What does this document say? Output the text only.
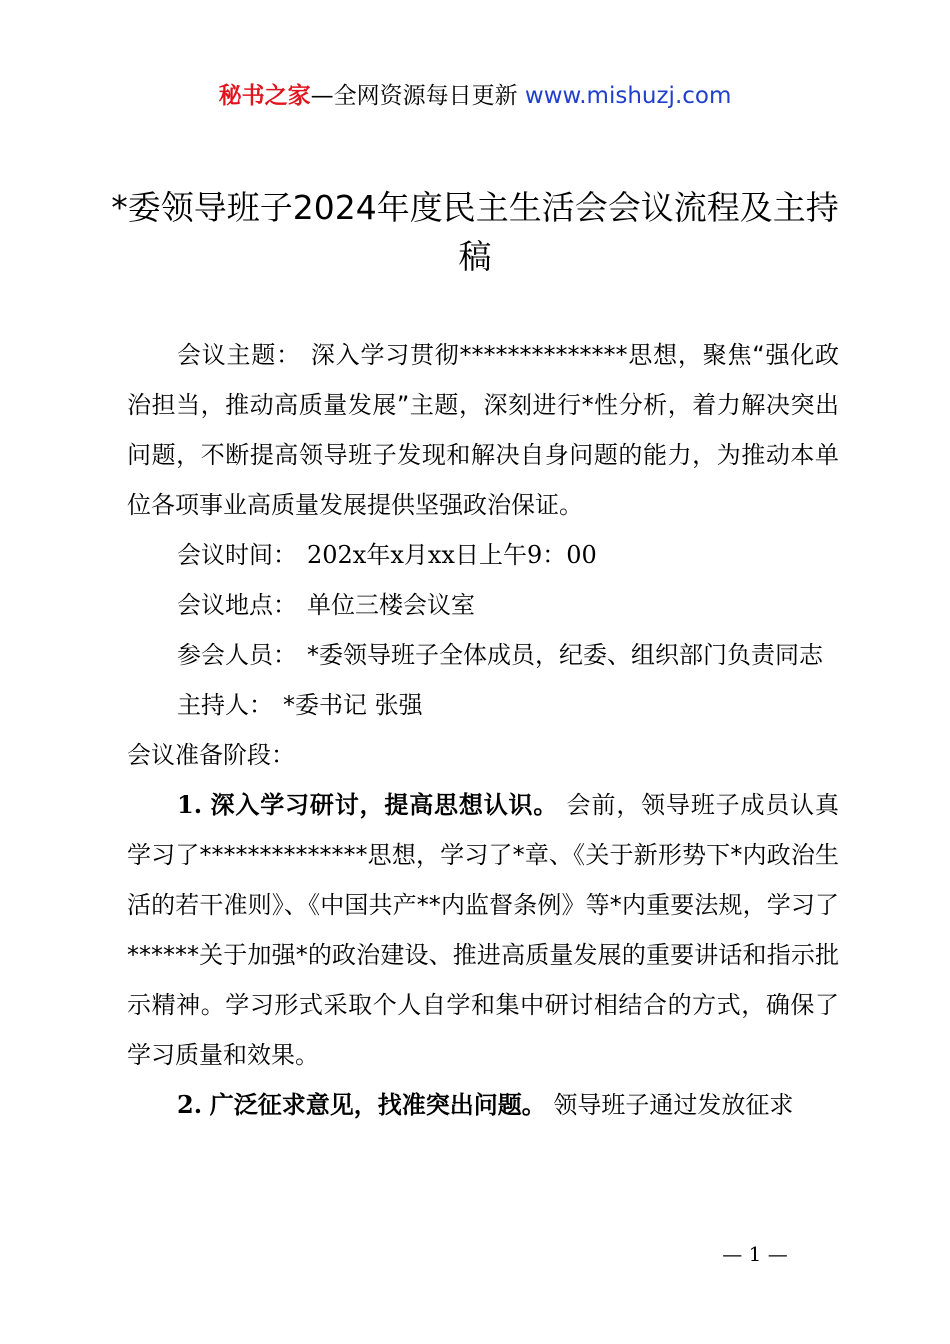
秘书之家—全网资源每日更新 www.mishuzj.com
*委领导班子2024年度民主生活会会议流程及主持稿

会议主题： 深入学习贯彻**************思想，聚焦“强化政治担当，推动高质量发展”主题，深刻进行*性分析，着力解决突出问题，不断提高领导班子发现和解决自身问题的能力，为推动本单位各项事业高质量发展提供坚强政治保证。

会议时间： 202x年x月xx日上午9：00

会议地点： 单位三楼会议室

参会人员： *委领导班子全体成员，纪委、组织部门负责同志

主持人： *委书记 张强

会议准备阶段：

1. 深入学习研讨，提高思想认识。 会前，领导班子成员认真学习了**************思想，学习了*章、《关于新形势下*内政治生活的若干准则》、《中国共产**内监督条例》等*内重要法规，学习了******关于加强*的政治建设、推进高质量发展的重要讲话和指示批示精神。学习形式采取个人自学和集中研讨相结合的方式，确保了学习质量和效果。

2. 广泛征求意见，找准突出问题。 领导班子通过发放征求

— 1 —
